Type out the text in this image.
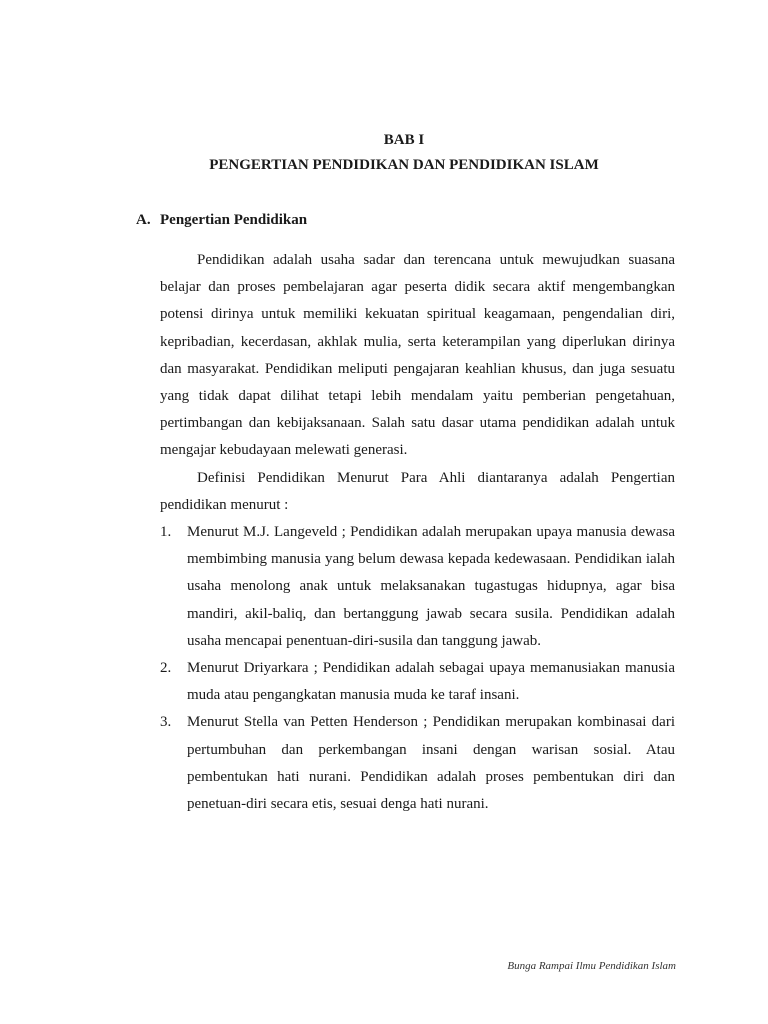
BAB I
PENGERTIAN PENDIDIKAN DAN PENDIDIKAN ISLAM
A. Pengertian Pendidikan

Pendidikan adalah usaha sadar dan terencana untuk mewujudkan suasana belajar dan proses pembelajaran agar peserta didik secara aktif mengembangkan potensi dirinya untuk memiliki kekuatan spiritual keagamaan, pengendalian diri, kepribadian, kecerdasan, akhlak mulia, serta keterampilan yang diperlukan dirinya dan masyarakat. Pendidikan meliputi pengajaran keahlian khusus, dan juga sesuatu yang tidak dapat dilihat tetapi lebih mendalam yaitu pemberian pengetahuan, pertimbangan dan kebijaksanaan. Salah satu dasar utama pendidikan adalah untuk mengajar kebudayaan melewati generasi.

Definisi Pendidikan Menurut Para Ahli diantaranya adalah Pengertian pendidikan menurut :

1. Menurut M.J. Langeveld ; Pendidikan adalah merupakan upaya manusia dewasa membimbing manusia yang belum dewasa kepada kedewasaan. Pendidikan ialah usaha menolong anak untuk melaksanakan tugastugas hidupnya, agar bisa mandiri, akil-baliq, dan bertanggung jawab secara susila. Pendidikan adalah usaha mencapai penentuan-diri-susila dan tanggung jawab.
2. Menurut Driyarkara ; Pendidikan adalah sebagai upaya memanusiakan manusia muda atau pengangkatan manusia muda ke taraf insani.
3. Menurut Stella van Petten Henderson ; Pendidikan merupakan kombinasai dari pertumbuhan dan perkembangan insani dengan warisan sosial. Atau pembentukan hati nurani. Pendidikan adalah proses pembentukan diri dan penetuan-diri secara etis, sesuai denga hati nurani.
Bunga Rampai Ilmu Pendidikan Islam
